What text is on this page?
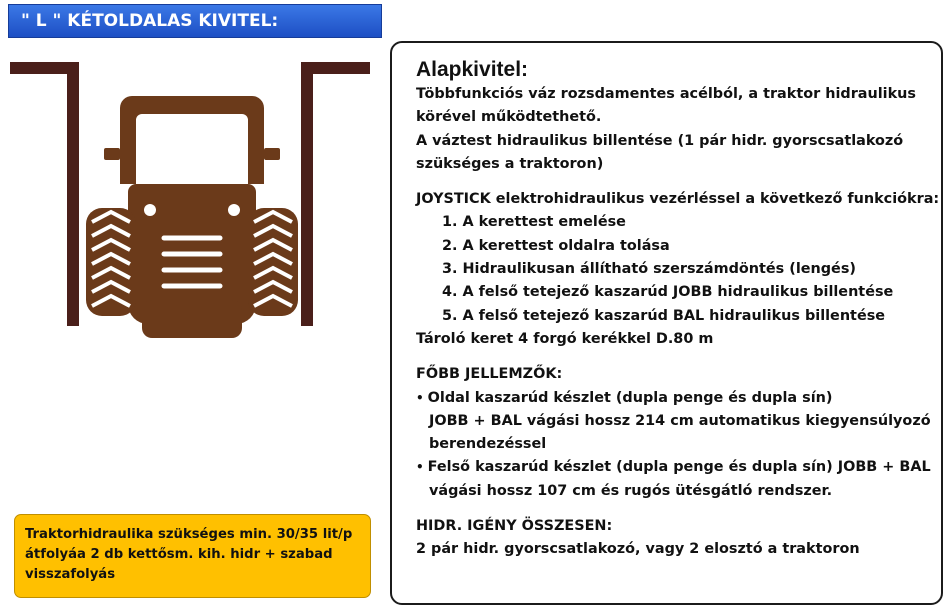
" L " KÉTOLDALAS KIVITEL:
Traktorhidraulika szükséges min. 30/35 lit/p
átfolyáa 2 db kettősm. kih. hidr + szabad
visszafolyás
Alapkivitel:
Többfunkciós váz rozsdamentes acélból, a traktor hidraulikus
körével működtethető.
A váztest hidraulikus billentése (1 pár hidr. gyorscsatlakozó
szükséges a traktoron)
JOYSTICK elektrohidraulikus vezérléssel a következő funkciókra:
1. A kerettest emelése
2. A kerettest oldalra tolása
3. Hidraulikusan állítható szerszámdöntés (lengés)
4. A felső tetejező kaszarúd JOBB hidraulikus billentése
5. A felső tetejező kaszarúd BAL hidraulikus billentése
Tároló keret 4 forgó kerékkel D.80 m
FŐBB JELLEMZŐK:
• Oldal kaszarúd készlet (dupla penge és dupla sín)
JOBB + BAL vágási hossz 214 cm automatikus kiegyensúlyozó
berendezéssel
• Felső kaszarúd készlet (dupla penge és dupla sín) JOBB + BAL
vágási hossz 107 cm és rugós ütésgátló rendszer.
HIDR. IGÉNY ÖSSZESEN:
2 pár hidr. gyorscsatlakozó, vagy 2 elosztó a traktoron
